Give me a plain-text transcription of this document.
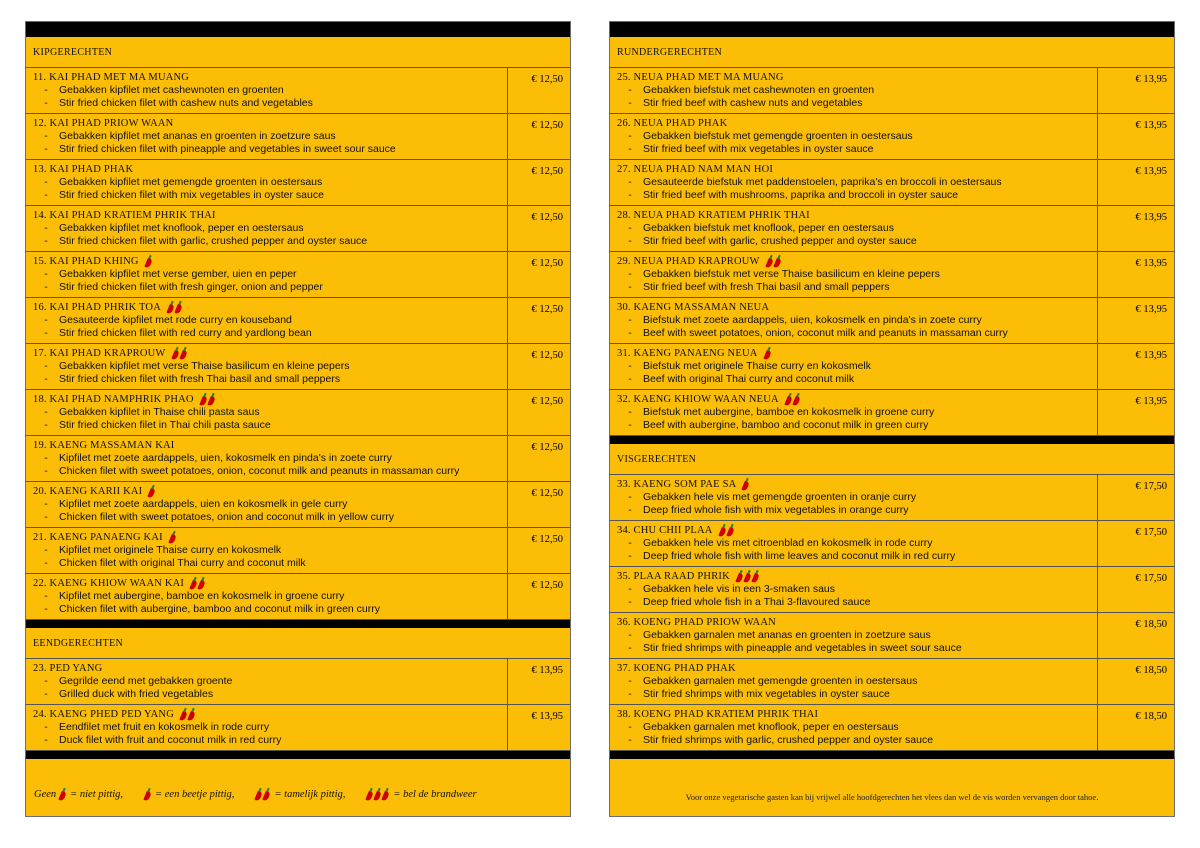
KIPGERECHTEN
11. KAI PHAD MET MA MUANG
- Gebakken kipfilet met cashewnoten en groenten
- Stir fried chicken filet with cashew nuts and vegetables
€ 12,50
12. KAI PHAD PRIOW WAAN
- Gebakken kipfilet met ananas en groenten in zoetzure saus
- Stir fried chicken filet with pineapple and vegetables in sweet sour sauce
€ 12,50
13. KAI PHAD PHAK
- Gebakken kipfilet met gemengde groenten in oestersaus
- Stir fried chicken filet with mix vegetables in oyster sauce
€ 12,50
14. KAI PHAD KRATIEM PHRIK THAI
- Gebakken kipfilet met knoflook, peper en oestersaus
- Stir fried chicken filet with garlic, crushed pepper and oyster sauce
€ 12,50
15. KAI PHAD KHING
- Gebakken kipfilet met verse gember, uien en peper
- Stir fried chicken filet with fresh ginger, onion and pepper
€ 12,50
16. KAI PHAD PHRIK TOA
- Gesauteerde kipfilet met rode curry en kouseband
- Stir fried chicken filet with red curry and yardlong bean
€ 12,50
17. KAI PHAD KRAPROUW
- Gebakken kipfilet met verse Thaise basilicum en kleine pepers
- Stir fried chicken filet with fresh Thai basil and small peppers
€ 12,50
18. KAI PHAD NAMPHRIK PHAO
- Gebakken kipfilet in Thaise chili pasta saus
- Stir fried chicken filet in Thai chili pasta sauce
€ 12,50
19. KAENG MASSAMAN KAI
- Kipfilet met zoete aardappels, uien, kokosmelk en pinda's in zoete curry
- Chicken filet with sweet potatoes, onion, coconut milk and peanuts in massaman curry
€ 12,50
20. KAENG KARII KAI
- Kipfilet met zoete aardappels, uien en kokosmelk in gele curry
- Chicken filet with sweet potatoes, onion and coconut milk in yellow curry
€ 12,50
21. KAENG PANAENG KAI
- Kipfilet met originele Thaise curry en kokosmelk
- Chicken filet with original Thai curry and coconut milk
€ 12,50
22. KAENG KHIOW WAAN KAI
- Kipfilet met aubergine, bamboe en kokosmelk in groene curry
- Chicken filet with aubergine, bamboo and coconut milk in green curry
€ 12,50
EENDGERECHTEN
23. PED YANG
- Gegrilde eend met gebakken groente
- Grilled duck with fried vegetables
€ 13,95
24. KAENG PHED PED YANG
- Eendfilet met fruit en kokosmelk in rode curry
- Duck filet with fruit and coconut milk in red curry
€ 13,95
Geen = niet pittig,	= een beetje pittig,	= tamelijk pittig,	= bel de brandweer
RUNDERGERECHTEN
25. NEUA PHAD MET MA MUANG
- Gebakken biefstuk met cashewnoten en groenten
- Stir fried beef with cashew nuts and vegetables
€ 13,95
26. NEUA PHAD PHAK
- Gebakken biefstuk met gemengde groenten in oestersaus
- Stir fried beef with mix vegetables in oyster sauce
€ 13,95
27. NEUA PHAD NAM MAN HOI
- Gesauteerde biefstuk met paddenstoelen, paprika's en broccoli in oestersaus
- Stir fried beef with mushrooms, paprika and broccoli in oyster sauce
€ 13,95
28. NEUA PHAD KRATIEM PHRIK THAI
- Gebakken biefstuk met knoflook, peper en oestersaus
- Stir fried beef with garlic, crushed pepper and oyster sauce
€ 13,95
29. NEUA PHAD KRAPROUW
- Gebakken biefstuk met verse Thaise basilicum en kleine pepers
- Stir fried beef with fresh Thai basil and small peppers
€ 13,95
30. KAENG MASSAMAN NEUA
- Biefstuk met zoete aardappels, uien, kokosmelk en pinda's in zoete curry
- Beef with sweet potatoes, onion, coconut milk and peanuts in massaman curry
€ 13,95
31. KAENG PANAENG NEUA
- Biefstuk met originele Thaise curry en kokosmelk
- Beef with original Thai curry and coconut milk
€ 13,95
32. KAENG KHIOW WAAN NEUA
- Biefstuk met aubergine, bamboe en kokosmelk in groene curry
- Beef with aubergine, bamboo and coconut milk in green curry
€ 13,95
VISGERECHTEN
33. KAENG SOM PAE SA
- Gebakken hele vis met gemengde groenten in oranje curry
- Deep fried whole fish with mix vegetables in orange curry
€ 17,50
34. CHU CHII PLAA
- Gebakken hele vis met citroenblad en kokosmelk in rode curry
- Deep fried whole fish with lime leaves and coconut milk in red curry
€ 17,50
35. PLAA RAAD PHRIK
- Gebakken hele vis in een 3-smaken saus
- Deep fried whole fish in a Thai 3-flavoured sauce
€ 17,50
36. KOENG PHAD PRIOW WAAN
- Gebakken garnalen met ananas en groenten in zoetzure saus
- Stir fried shrimps with pineapple and vegetables in sweet sour sauce
€ 18,50
37. KOENG PHAD PHAK
- Gebakken garnalen met gemengde groenten in oestersaus
- Stir fried shrimps with mix vegetables in oyster sauce
€ 18,50
38. KOENG PHAD KRATIEM PHRIK THAI
- Gebakken garnalen met knoflook, peper en oestersaus
- Stir fried shrimps with garlic, crushed pepper and oyster sauce
€ 18,50
Voor onze vegetarische gasten kan bij vrijwel alle hoofdgerechten het vlees dan wel de vis worden vervangen door tahoe.
